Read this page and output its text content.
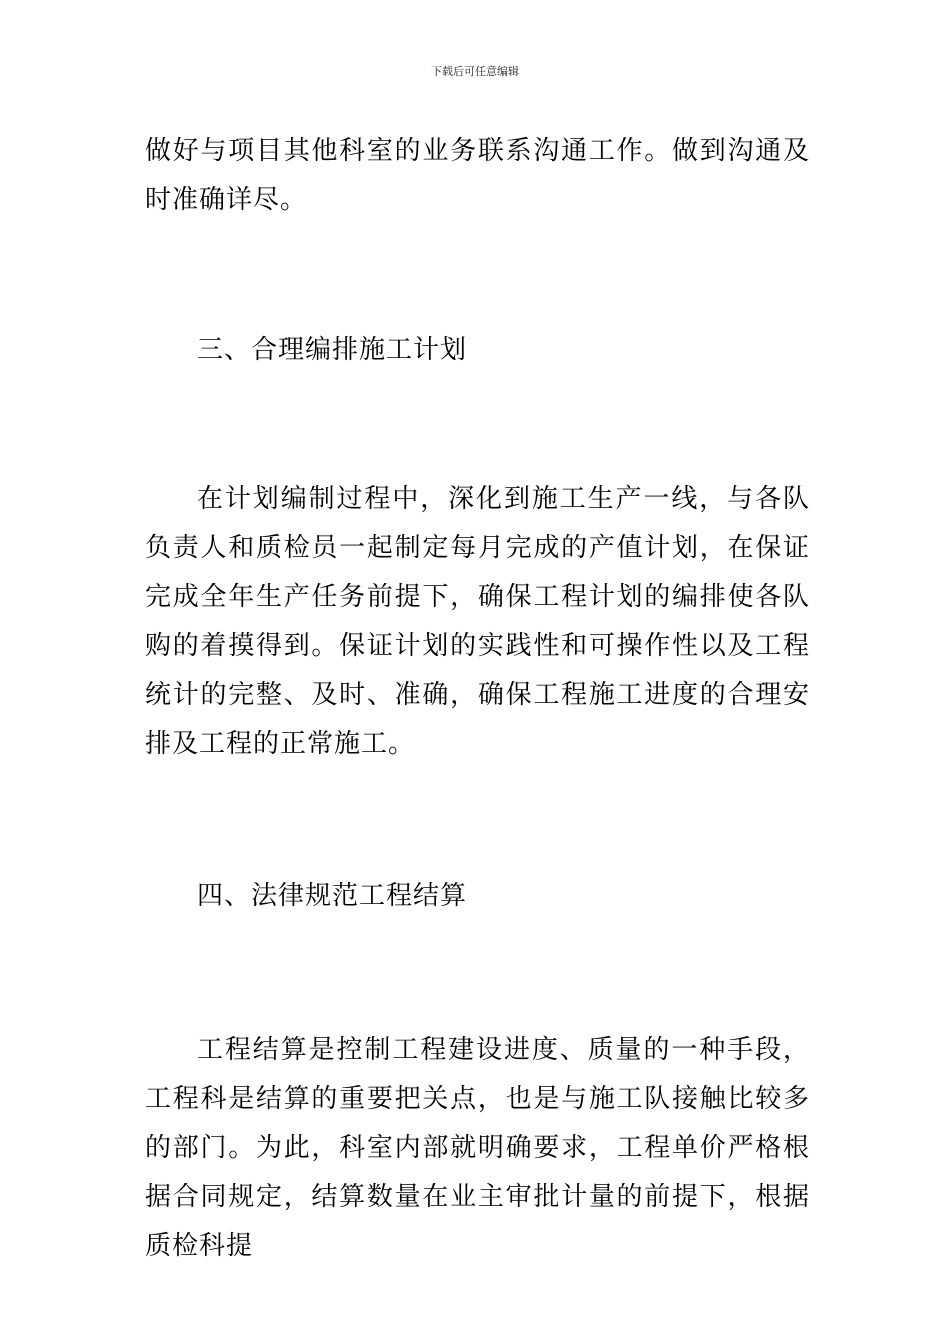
下载后可任意编辑

做好与项目其他科室的业务联系沟通工作。做到沟通及时准确详尽。

三、合理编排施工计划

在计划编制过程中，深化到施工生产一线，与各队负责人和质检员一起制定每月完成的产值计划，在保证完成全年生产任务前提下，确保工程计划的编排使各队购的着摸得到。保证计划的实践性和可操作性以及工程统计的完整、及时、准确，确保工程施工进度的合理安排及工程的正常施工。

四、法律规范工程结算

工程结算是控制工程建设进度、质量的一种手段，工程科是结算的重要把关点，也是与施工队接触比较多的部门。为此，科室内部就明确要求，工程单价严格根据合同规定，结算数量在业主审批计量的前提下，根据质检科提
